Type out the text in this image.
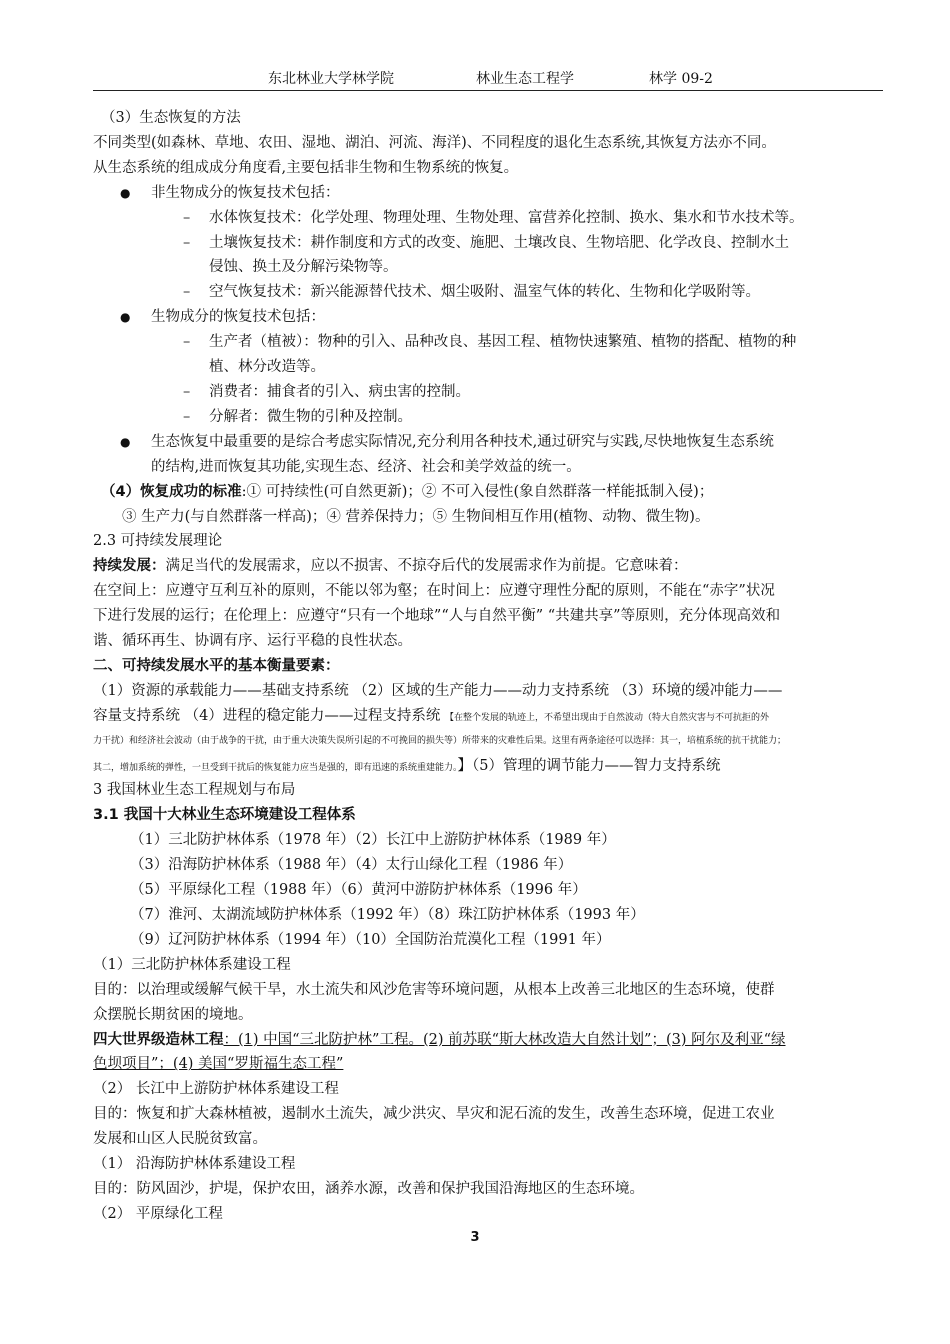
东北林业大学林学院	林业生态工程学	林学 09-2

（3）生态恢复的方法

不同类型(如森林、草地、农田、湿地、湖泊、河流、海洋)、不同程度的退化生态系统,其恢复方法亦不同。

从生态系统的组成成分角度看,主要包括非生物和生物系统的恢复。

● 非生物成分的恢复技术包括：

– 水体恢复技术：化学处理、物理处理、生物处理、富营养化控制、换水、集水和节水技术等。

– 土壤恢复技术：耕作制度和方式的改变、施肥、土壤改良、生物培肥、化学改良、控制水土

侵蚀、换土及分解污染物等。

– 空气恢复技术：新兴能源替代技术、烟尘吸附、温室气体的转化、生物和化学吸附等。

● 生物成分的恢复技术包括：

– 生产者（植被）：物种的引入、品种改良、基因工程、植物快速繁殖、植物的搭配、植物的种

植、林分改造等。

– 消费者：捕食者的引入、病虫害的控制。

– 分解者：微生物的引种及控制。

● 生态恢复中最重要的是综合考虑实际情况,充分利用各种技术,通过研究与实践,尽快地恢复生态系统

的结构,进而恢复其功能,实现生态、经济、社会和美学效益的统一。

（4）恢复成功的标准:① 可持续性(可自然更新)；② 不可入侵性(象自然群落一样能抵制入侵)；

③ 生产力(与自然群落一样高)；④ 营养保持力；⑤ 生物间相互作用(植物、动物、微生物)。

2.3 可持续发展理论

持续发展：满足当代的发展需求，应以不损害、不掠夺后代的发展需求作为前提。它意味着：

在空间上：应遵守互利互补的原则，不能以邻为壑；在时间上：应遵守理性分配的原则，不能在“赤字”状况

下进行发展的运行；在伦理上：应遵守“只有一个地球”“人与自然平衡” “共建共享”等原则，充分体现高效和

谐、循环再生、协调有序、运行平稳的良性状态。

二、可持续发展水平的基本衡量要素：

（1）资源的承载能力——基础支持系统 （2）区域的生产能力——动力支持系统 （3）环境的缓冲能力——

容量支持系统 （4）进程的稳定能力——过程支持系统 【在整个发展的轨迹上，不希望出现由于自然波动（特大自然灾害与不可抗拒的外

力干扰）和经济社会波动（由于战争的干扰，由于重大决策失误所引起的不可挽回的损失等）所带来的灾难性后果。这里有两条途径可以选择：其一，培植系统的抗干扰能力；

其二，增加系统的弹性，一旦受到干扰后的恢复能力应当是强的，即有迅速的系统重建能力。】（5）管理的调节能力——智力支持系统

3 我国林业生态工程规划与布局

3.1 我国十大林业生态环境建设工程体系

（1）三北防护林体系（1978 年）（2）长江中上游防护林体系（1989 年）

（3）沿海防护林体系（1988 年）（4）太行山绿化工程（1986 年）

（5）平原绿化工程（1988 年）（6）黄河中游防护林体系（1996 年）

（7）淮河、太湖流域防护林体系（1992 年）（8）珠江防护林体系（1993 年）

（9）辽河防护林体系（1994 年）（10）全国防治荒漠化工程（1991 年）

（1）三北防护林体系建设工程

目的：以治理或缓解气候干旱，水土流失和风沙危害等环境问题，从根本上改善三北地区的生态环境，使群

众摆脱长期贫困的境地。

四大世界级造林工程：(1) 中国“三北防护林”工程。(2) 前苏联“斯大林改造大自然计划”；(3) 阿尔及利亚“绿

色坝项目”；(4) 美国“罗斯福生态工程”

（2） 长江中上游防护林体系建设工程

目的：恢复和扩大森林植被，遏制水土流失，减少洪灾、旱灾和泥石流的发生，改善生态环境，促进工农业

发展和山区人民脱贫致富。

（1） 沿海防护林体系建设工程

目的：防风固沙，护堤，保护农田，涵养水源，改善和保护我国沿海地区的生态环境。

（2） 平原绿化工程

3
